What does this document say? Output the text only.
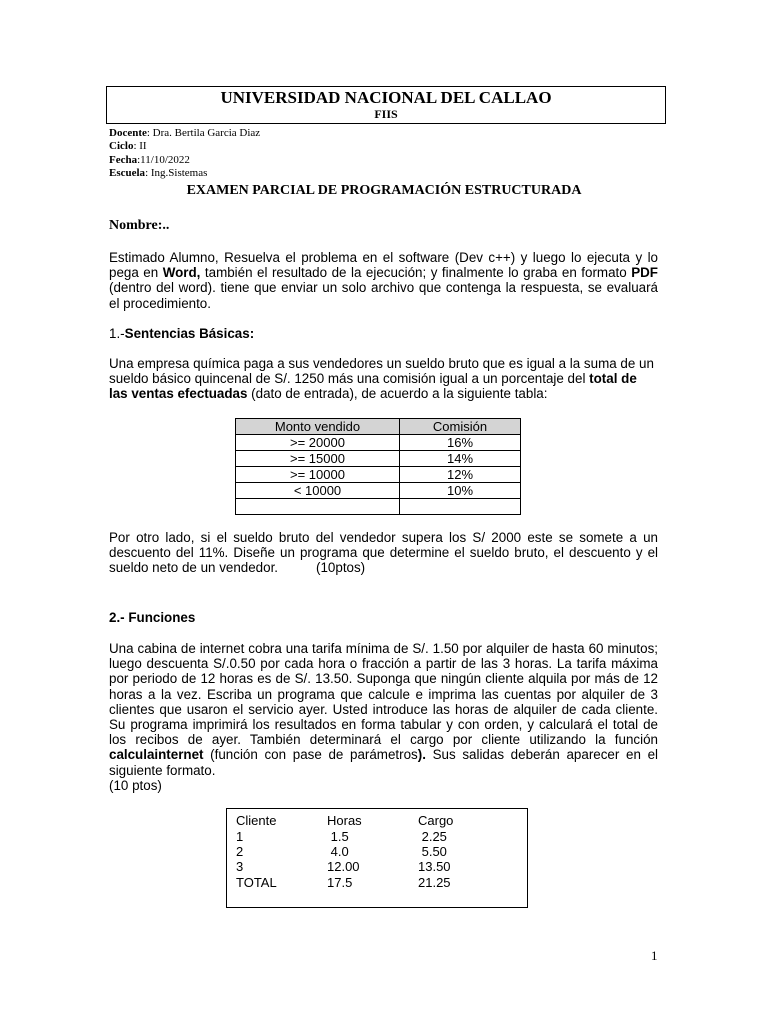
UNIVERSIDAD NACIONAL DEL CALLAO
FIIS
Docente: Dra. Bertila Garcia Diaz
Ciclo: II
Fecha:11/10/2022
Escuela: Ing.Sistemas
EXAMEN PARCIAL DE PROGRAMACIÓN ESTRUCTURADA
Nombre:..
Estimado Alumno, Resuelva el problema en el software (Dev c++) y luego lo ejecuta y lo pega en Word, también el resultado de la ejecución; y finalmente lo graba en formato PDF (dentro del word). tiene que enviar un solo archivo que contenga la respuesta, se evaluará el procedimiento.
1.-Sentencias Básicas:
Una empresa química paga a sus vendedores un sueldo bruto que es igual a la suma de un sueldo básico quincenal de S/. 1250 más una comisión igual a un porcentaje del total de las ventas efectuadas (dato de entrada), de acuerdo a la siguiente tabla:
Monto vendido	Comisión
>= 20000	16%
>= 15000	14%
>= 10000	12%
< 10000	10%

Por otro lado, si el sueldo bruto del vendedor supera los S/ 2000 este se somete a un descuento del 11%. Diseñe un programa que determine el sueldo bruto, el descuento y el sueldo neto de un vendedor.	(10ptos)
2.- Funciones
Una cabina de internet cobra una tarifa mínima de S/. 1.50 por alquiler de hasta 60 minutos; luego descuenta S/.0.50 por cada hora o fracción a partir de las 3 horas. La tarifa máxima por periodo de 12 horas es de S/. 13.50. Suponga que ningún cliente alquila por más de 12 horas a la vez. Escriba un programa que calcule e imprima las cuentas por alquiler de 3 clientes que usaron el servicio ayer. Usted introduce las horas de alquiler de cada cliente. Su programa imprimirá los resultados en forma tabular y con orden, y calculará el total de los recibos de ayer. También determinará el cargo por cliente utilizando la función calculainternet (función con pase de parámetros). Sus salidas deberán aparecer en el siguiente formato.
(10 ptos)
Cliente	Horas	Cargo
1	1.5	2.25
2	4.0	5.50
3	12.00	13.50
TOTAL	17.5	21.25
1
